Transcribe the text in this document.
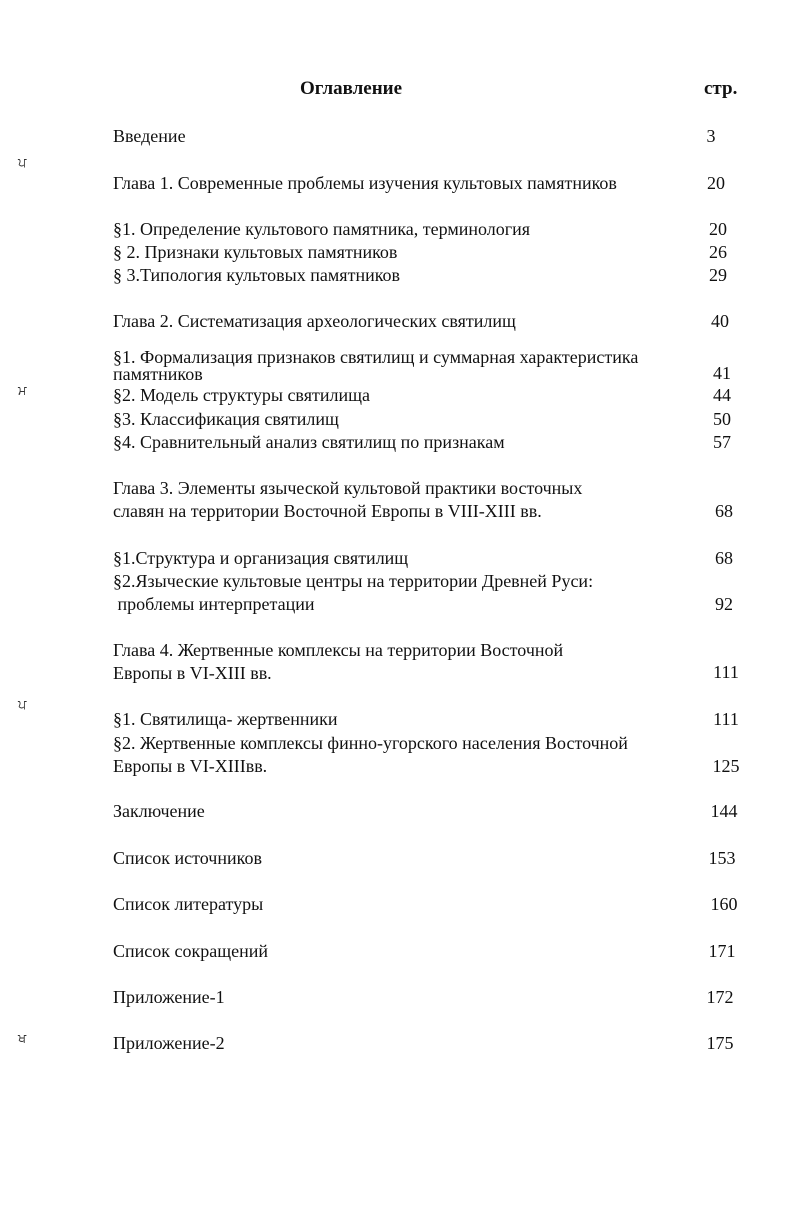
Оглавление	стр.
Введение	3
Глава 1. Современные проблемы изучения культовых памятников	20
§1. Определение культового памятника, терминология	20
§ 2. Признаки культовых памятников	26
§ 3.Типология культовых памятников	29
Глава 2. Систематизация археологических святилищ	40
§1. Формализация признаков святилищ и суммарная характеристика
памятников	41
§2. Модель структуры святилища	44
§3. Классификация святилищ	50
§4. Сравнительный анализ святилищ по признакам	57
Глава 3. Элементы языческой культовой практики восточных
славян на территории Восточной Европы в VIII-XIII вв.	68
§1.Структура и организация святилищ	68
§2.Языческие культовые центры на территории Древней Руси:
проблемы интерпретации	92
Глава 4. Жертвенные комплексы на территории Восточной
Европы в VI-XIII вв.	111
§1. Святилища- жертвенники	111
§2. Жертвенные комплексы финно-угорского населения Восточной
Европы в VI-XIIIвв.	125
Заключение	144
Список источников	153
Список литературы	160
Список сокращений	171
Приложение-1	172
Приложение-2	175
ਪ
ਮ
ਪ
ਖ
